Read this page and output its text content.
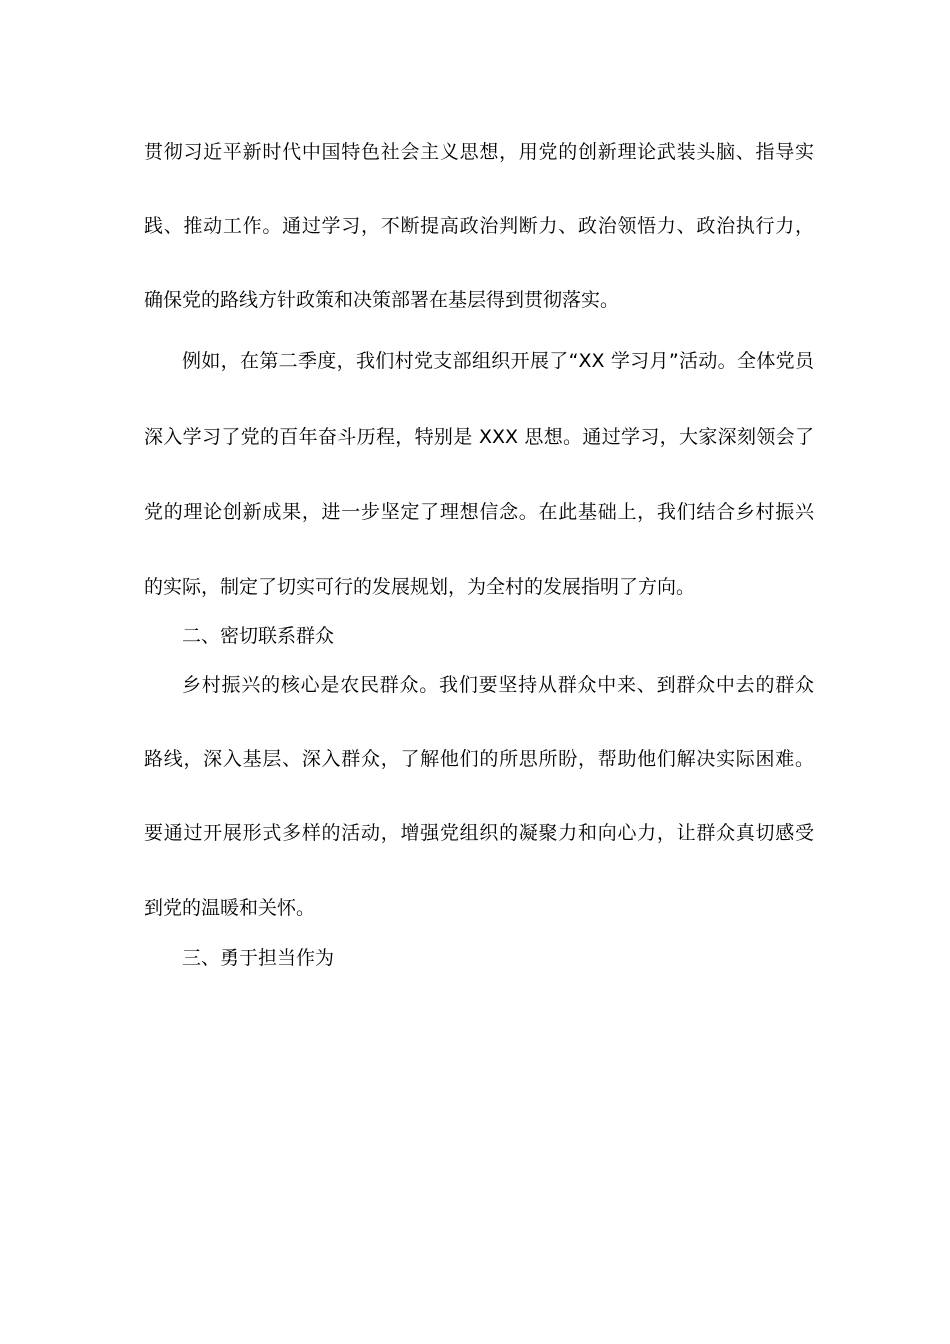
贯彻习近平新时代中国特色社会主义思想，用党的创新理论武装头脑、指导实
践、推动工作。通过学习，不断提高政治判断力、政治领悟力、政治执行力，
确保党的路线方针政策和决策部署在基层得到贯彻落实。
例如，在第二季度，我们村党支部组织开展了“XX 学习月”活动。全体党员
深入学习了党的百年奋斗历程，特别是 XXX 思想。通过学习，大家深刻领会了
党的理论创新成果，进一步坚定了理想信念。在此基础上，我们结合乡村振兴
的实际，制定了切实可行的发展规划，为全村的发展指明了方向。
二、密切联系群众
乡村振兴的核心是农民群众。我们要坚持从群众中来、到群众中去的群众
路线，深入基层、深入群众，了解他们的所思所盼，帮助他们解决实际困难。
要通过开展形式多样的活动，增强党组织的凝聚力和向心力，让群众真切感受
到党的温暖和关怀。
三、勇于担当作为
